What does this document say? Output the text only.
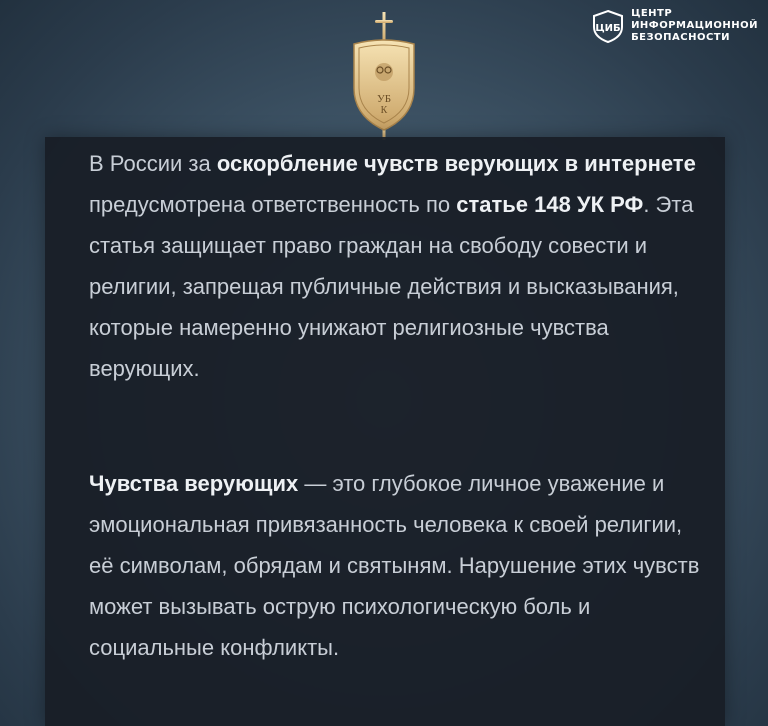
УБ
К
ЦИБ
ЦЕНТР
ИНФОРМАЦИОННОЙ
БЕЗОПАСНОСТИ

В России за оскорбление чувств верующих в интернете предусмотрена ответственность по статье 148 УК РФ. Эта статья защищает право граждан на свободу совести и религии, запрещая публичные действия и высказывания, которые намеренно унижают религиозные чувства верующих.

Чувства верующих — это глубокое личное уважение и эмоциональная привязанность человека к своей религии, её символам, обрядам и святыням. Нарушение этих чувств может вызывать острую психологическую боль и социальные конфликты.
